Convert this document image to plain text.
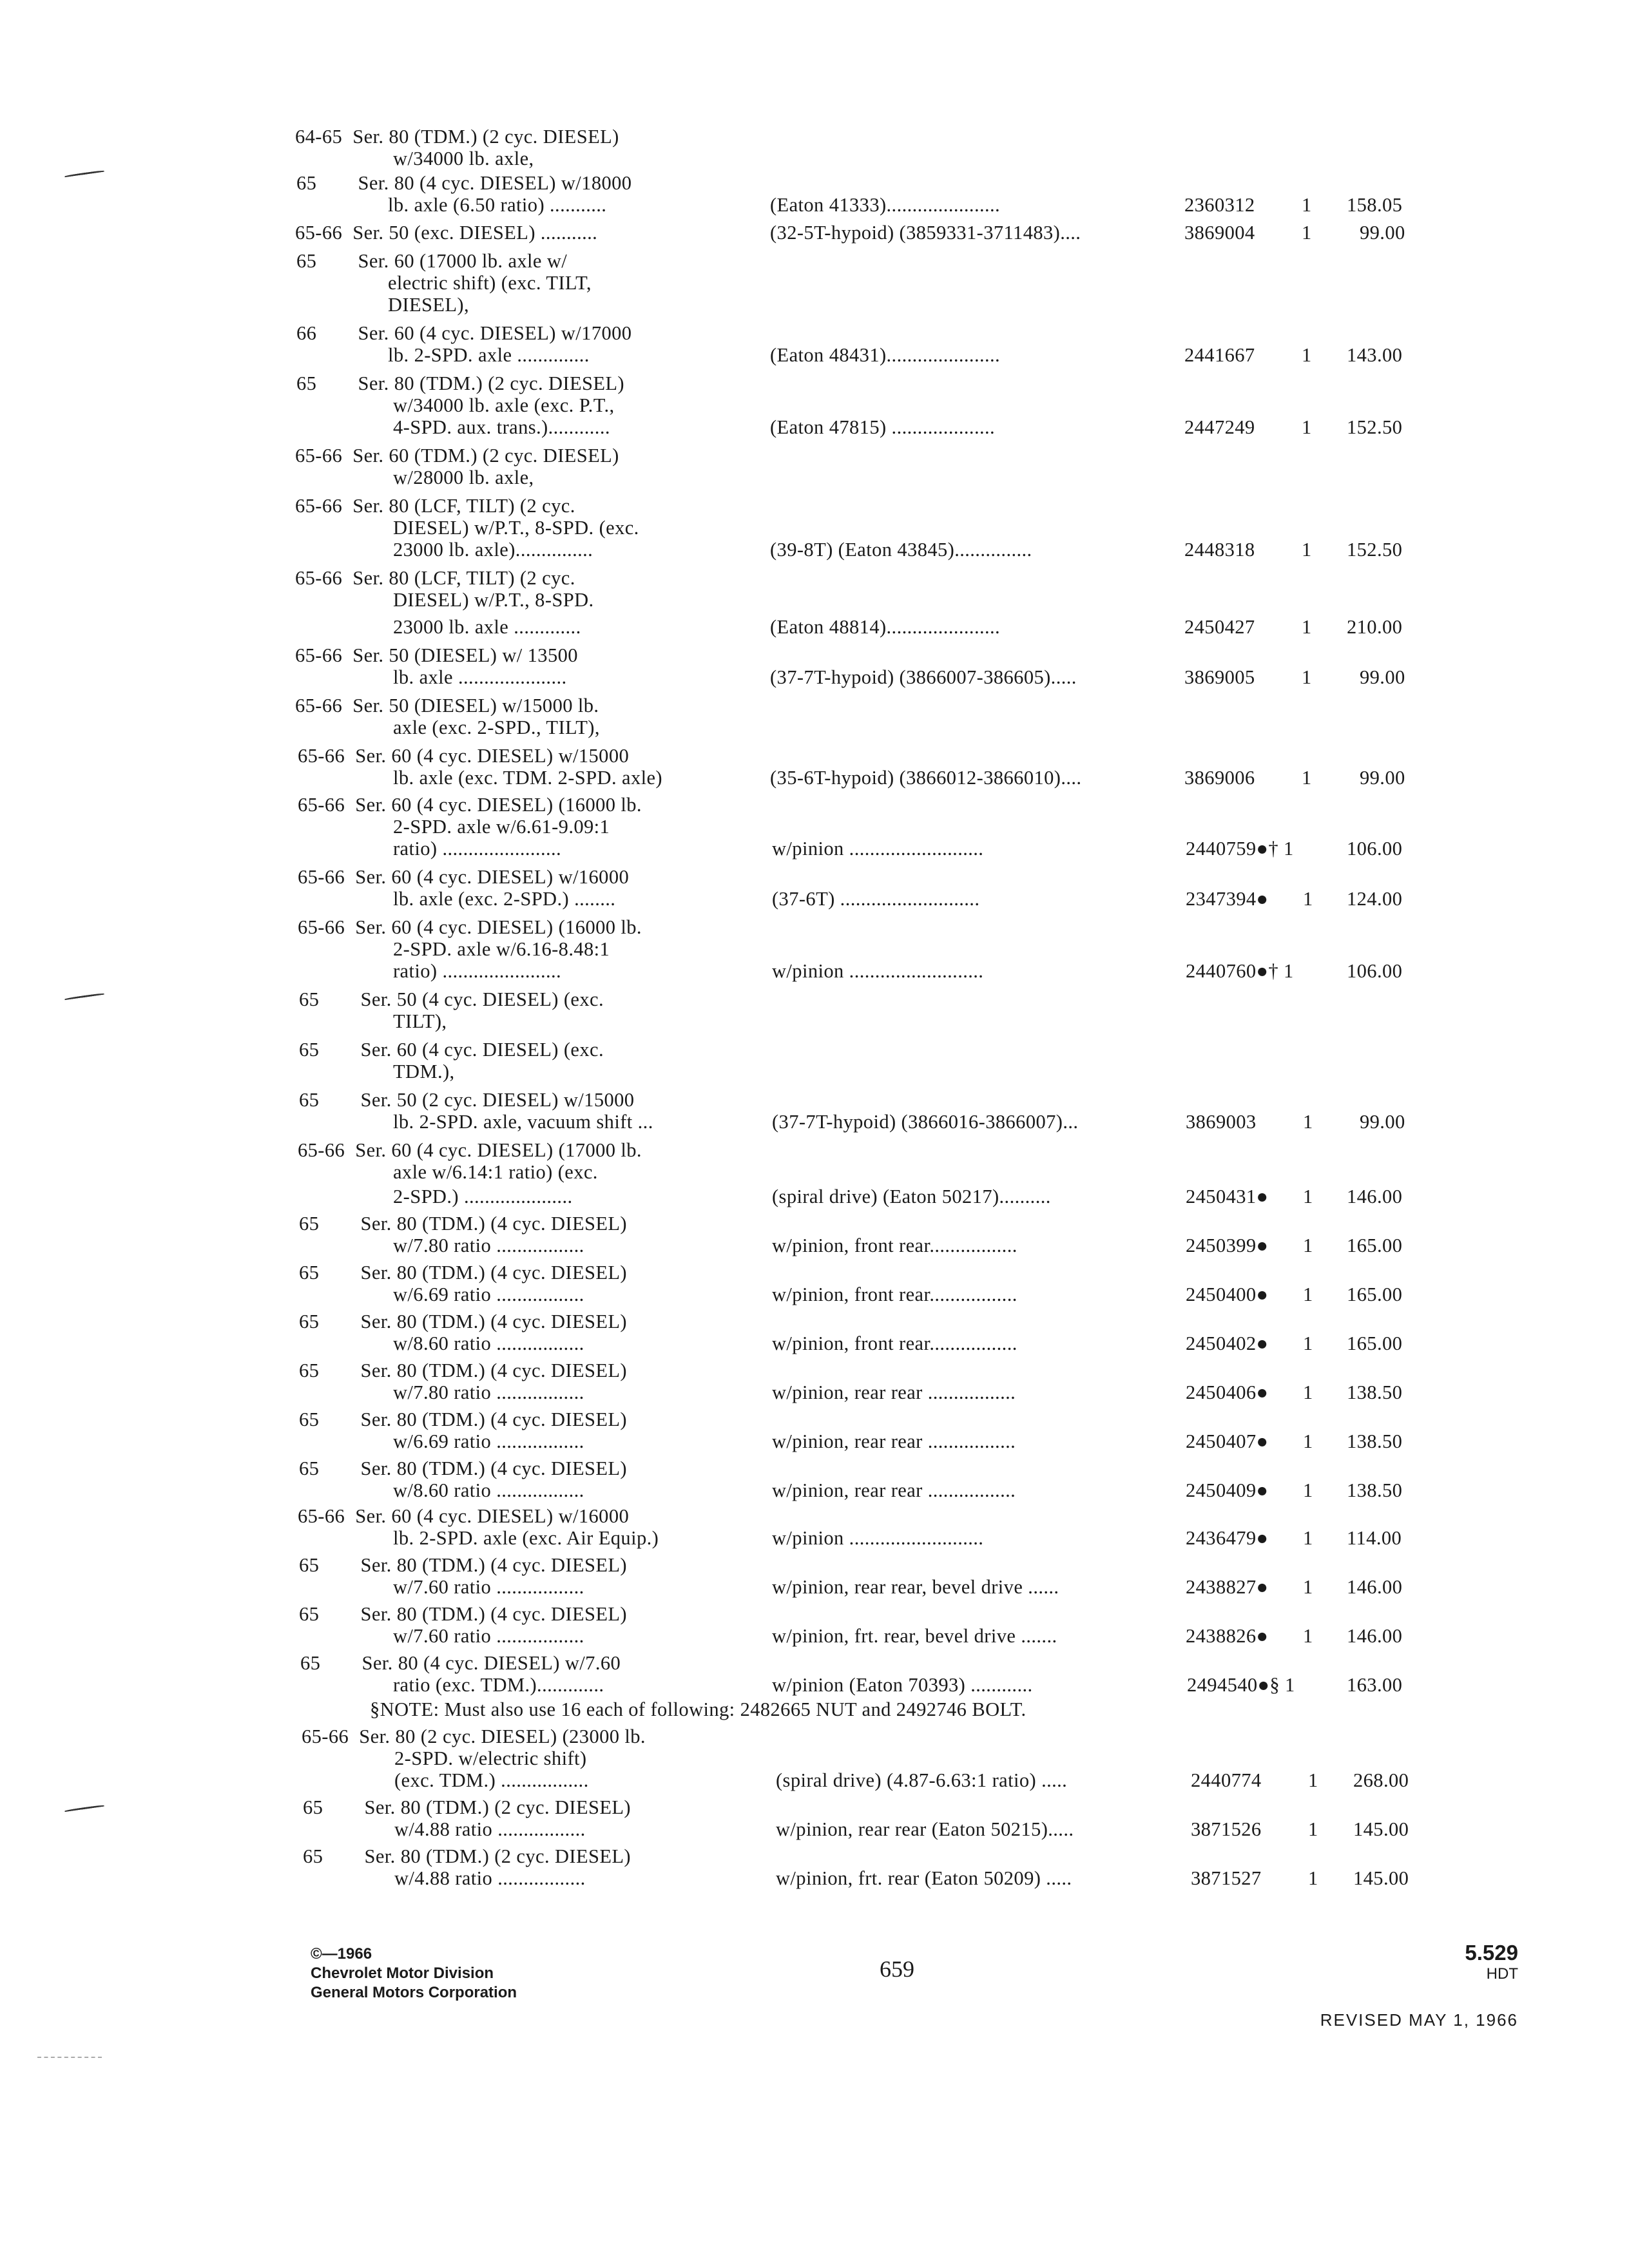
64-65  Ser. 80 (TDM.) (2 cyc. DIESEL)
w/34000 lb. axle,
65        Ser. 80 (4 cyc. DIESEL) w/18000
lb. axle (6.50 ratio) ...........	(Eaton 41333)......................	2360312 1 158.05
65-66  Ser. 50 (exc. DIESEL) ...........	(32-5T-hypoid) (3859331-3711483)....	3869004 1 99.00
65        Ser. 60 (17000 lb. axle w/
electric shift) (exc. TILT,
DIESEL),
66        Ser. 60 (4 cyc. DIESEL) w/17000
lb. 2-SPD. axle ..............	(Eaton 48431)......................	2441667 1 143.00
65        Ser. 80 (TDM.) (2 cyc. DIESEL)
w/34000 lb. axle (exc. P.T.,
4-SPD. aux. trans.)............	(Eaton 47815) ....................	2447249 1 152.50
65-66  Ser. 60 (TDM.) (2 cyc. DIESEL)
w/28000 lb. axle,
65-66  Ser. 80 (LCF, TILT) (2 cyc.
DIESEL) w/P.T., 8-SPD. (exc.
23000 lb. axle)...............	(39-8T) (Eaton 43845)...............	2448318 1 152.50
65-66  Ser. 80 (LCF, TILT) (2 cyc.
DIESEL) w/P.T., 8-SPD.
23000 lb. axle .............	(Eaton 48814)......................	2450427 1 210.00
65-66  Ser. 50 (DIESEL) w/ 13500
lb. axle .....................	(37-7T-hypoid) (3866007-386605).....	3869005 1 99.00
65-66  Ser. 50 (DIESEL) w/15000 lb.
axle (exc. 2-SPD., TILT),
65-66  Ser. 60 (4 cyc. DIESEL) w/15000
lb. axle (exc. TDM. 2-SPD. axle)	(35-6T-hypoid) (3866012-3866010)....	3869006 1 99.00
65-66  Ser. 60 (4 cyc. DIESEL) (16000 lb.
2-SPD. axle w/6.61-9.09:1
ratio) .......................	w/pinion ..........................	2440759●† 1	106.00
65-66  Ser. 60 (4 cyc. DIESEL) w/16000
lb. axle (exc. 2-SPD.) ........	(37-6T) ...........................	2347394● 1 124.00
65-66  Ser. 60 (4 cyc. DIESEL) (16000 lb.
2-SPD. axle w/6.16-8.48:1
ratio) .......................	w/pinion ..........................	2440760●† 1	106.00
65        Ser. 50 (4 cyc. DIESEL) (exc.
TILT),
65        Ser. 60 (4 cyc. DIESEL) (exc.
TDM.),
65        Ser. 50 (2 cyc. DIESEL) w/15000
lb. 2-SPD. axle, vacuum shift ...	(37-7T-hypoid) (3866016-3866007)...	3869003 1 99.00
65-66  Ser. 60 (4 cyc. DIESEL) (17000 lb.
axle w/6.14:1 ratio) (exc.
2-SPD.) .....................	(spiral drive) (Eaton 50217)..........	2450431● 1 146.00
65        Ser. 80 (TDM.) (4 cyc. DIESEL)
w/7.80 ratio .................	w/pinion, front rear.................	2450399● 1 165.00
65        Ser. 80 (TDM.) (4 cyc. DIESEL)
w/6.69 ratio .................	w/pinion, front rear.................	2450400● 1 165.00
65        Ser. 80 (TDM.) (4 cyc. DIESEL)
w/8.60 ratio .................	w/pinion, front rear.................	2450402● 1 165.00
65        Ser. 80 (TDM.) (4 cyc. DIESEL)
w/7.80 ratio .................	w/pinion, rear rear .................	2450406● 1 138.50
65        Ser. 80 (TDM.) (4 cyc. DIESEL)
w/6.69 ratio .................	w/pinion, rear rear .................	2450407● 1 138.50
65        Ser. 80 (TDM.) (4 cyc. DIESEL)
w/8.60 ratio .................	w/pinion, rear rear .................	2450409● 1 138.50
65-66  Ser. 60 (4 cyc. DIESEL) w/16000
lb. 2-SPD. axle (exc. Air Equip.)	w/pinion ..........................	2436479● 1 114.00
65        Ser. 80 (TDM.) (4 cyc. DIESEL)
w/7.60 ratio .................	w/pinion, rear rear, bevel drive ......	2438827● 1 146.00
65        Ser. 80 (TDM.) (4 cyc. DIESEL)
w/7.60 ratio .................	w/pinion, frt. rear, bevel drive .......	2438826● 1 146.00
65        Ser. 80 (4 cyc. DIESEL) w/7.60
ratio (exc. TDM.).............	w/pinion (Eaton 70393) ............	2494540●§ 1	163.00
§NOTE: Must also use 16 each of following: 2482665 NUT and 2492746 BOLT.
65-66  Ser. 80 (2 cyc. DIESEL) (23000 lb.
2-SPD. w/electric shift)
(exc. TDM.) .................	(spiral drive) (4.87-6.63:1 ratio) .....	2440774 1 268.00
65        Ser. 80 (TDM.) (2 cyc. DIESEL)
w/4.88 ratio .................	w/pinion, rear rear (Eaton 50215).....	3871526 1 145.00
65        Ser. 80 (TDM.) (2 cyc. DIESEL)
w/4.88 ratio .................	w/pinion, frt. rear (Eaton 50209) .....	3871527 1 145.00
©—1966
Chevrolet Motor Division
General Motors Corporation
659
5.529
HDT
REVISED MAY 1, 1966
